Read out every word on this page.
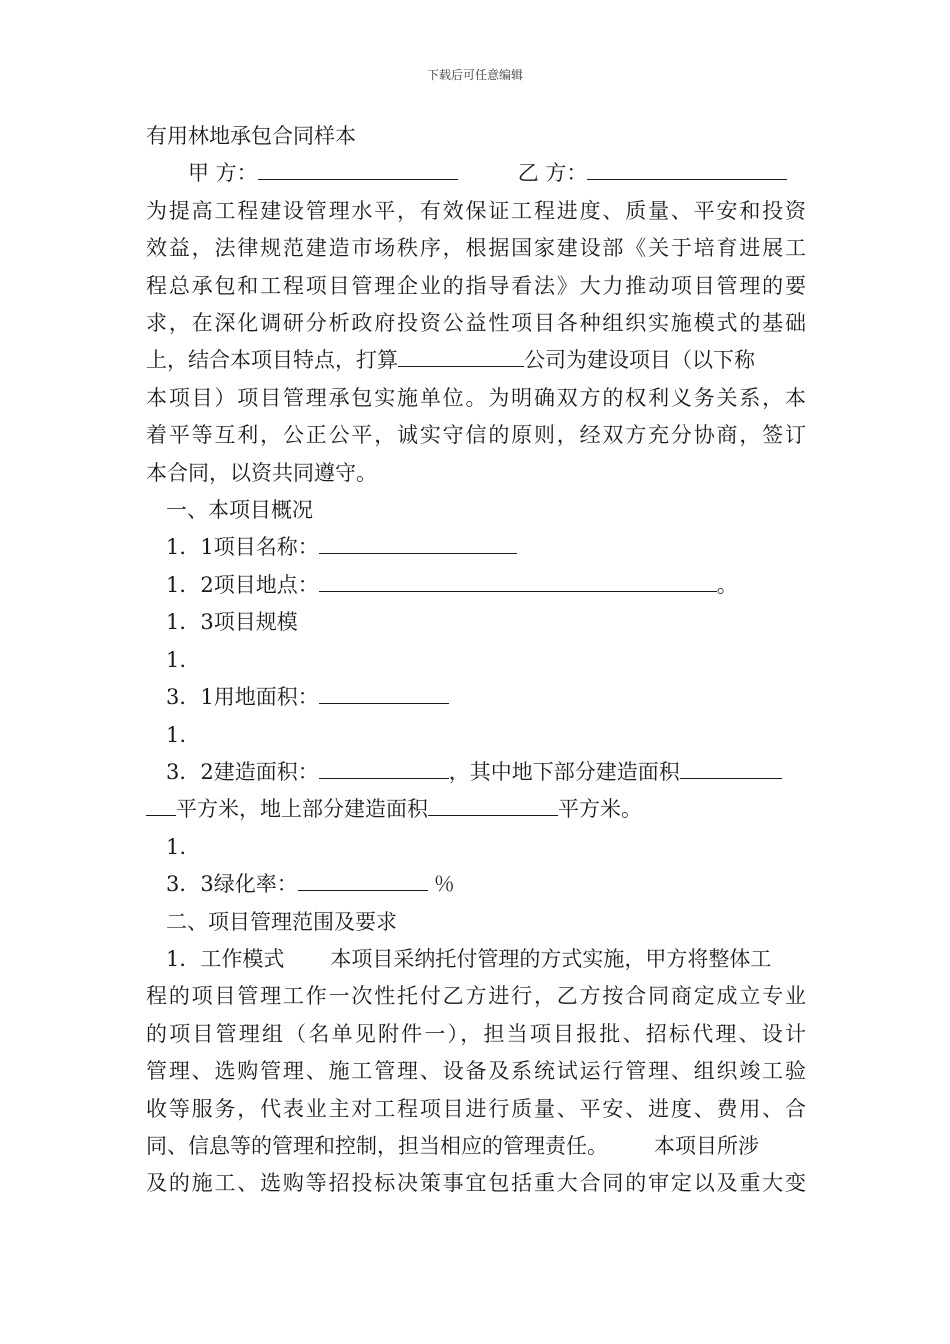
下载后可任意编辑
有用林地承包合同样本
甲 方：	乙 方：
为提高工程建设管理水平，有效保证工程进度、质量、平安和投资
效益，法律规范建造市场秩序，根据国家建设部《关于培育进展工
程总承包和工程项目管理企业的指导看法》大力推动项目管理的要
求，在深化调研分析政府投资公益性项目各种组织实施模式的基础
上，结合本项目特点，打算	公司为建设项目（以下称
本项目）项目管理承包实施单位。为明确双方的权利义务关系，本
着平等互利，公正公平，诚实守信的原则，经双方充分协商，签订
本合同，以资共同遵守。
一、本项目概况
1．1项目名称：
1．2项目地点：	。
1．3项目规模
1.
3．1用地面积：
1.
3．2建造面积：	，其中地下部分建造面积
平方米，地上部分建造面积	平方米。
1.
3．3绿化率：	％
二、项目管理范围及要求
1．工作模式 本项目采纳托付管理的方式实施，甲方将整体工
程的项目管理工作一次性托付乙方进行，乙方按合同商定成立专业
的项目管理组（名单见附件一），担当项目报批、招标代理、设计
管理、选购管理、施工管理、设备及系统试运行管理、组织竣工验
收等服务，代表业主对工程项目进行质量、平安、进度、费用、合
同、信息等的管理和控制，担当相应的管理责任。 本项目所涉
及的施工、选购等招投标决策事宜包括重大合同的审定以及重大变
